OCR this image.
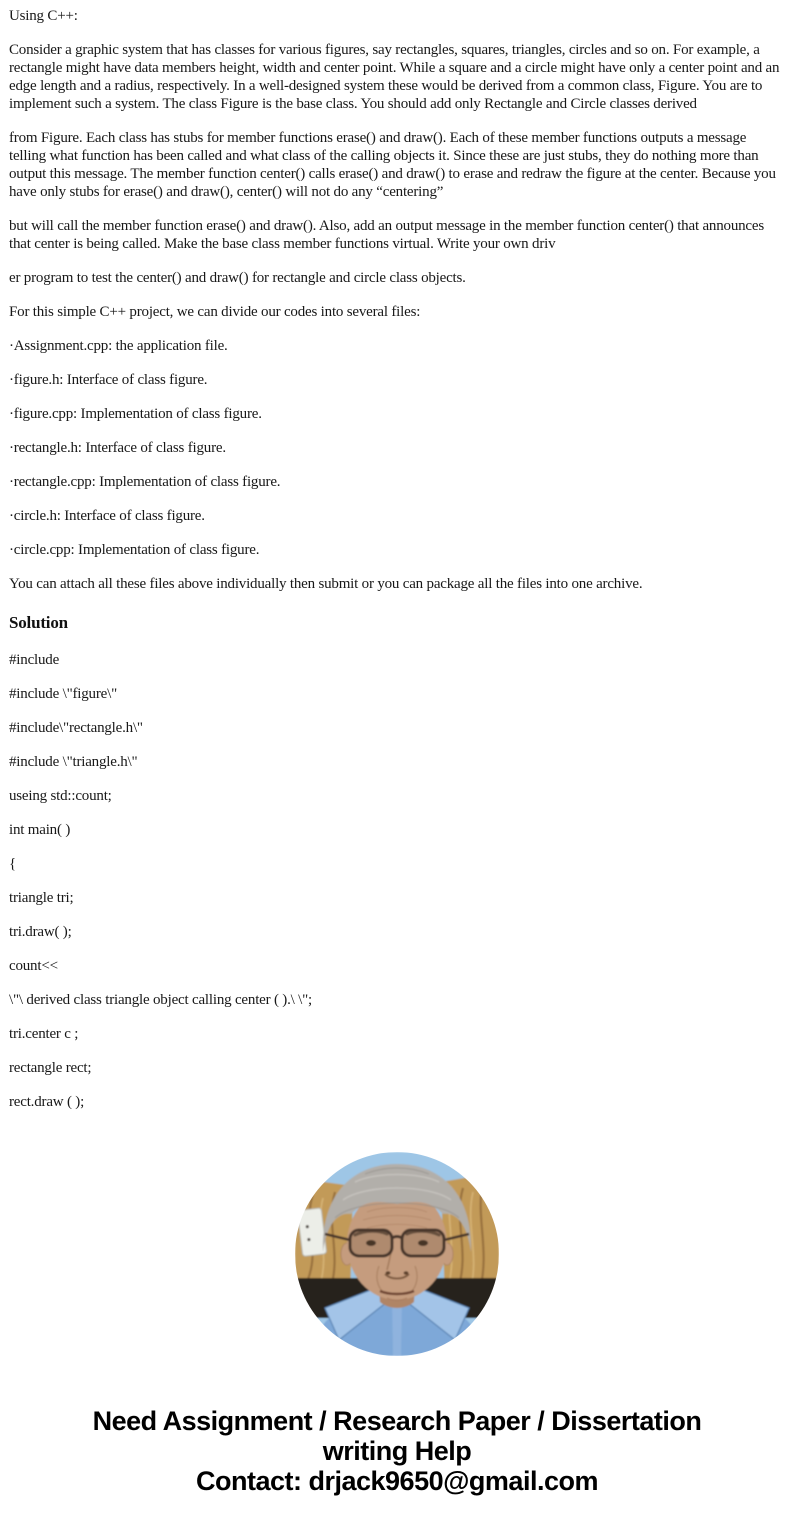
Using C++:

Consider a graphic system that has classes for various figures, say rectangles, squares, triangles, circles and so on. For example, a rectangle might have data members height, width and center point. While a square and a circle might have only a center point and an edge length and a radius, respectively. In a well-designed system these would be derived from a common class, Figure. You are to implement such a system. The class Figure is the base class. You should add only Rectangle and Circle classes derived

from Figure. Each class has stubs for member functions erase() and draw(). Each of these member functions outputs a message telling what function has been called and what class of the calling objects it. Since these are just stubs, they do nothing more than output this message. The member function center() calls erase() and draw() to erase and redraw the figure at the center. Because you have only stubs for erase() and draw(), center() will not do any “centering”

but will call the member function erase() and draw(). Also, add an output message in the member function center() that announces that center is being called. Make the base class member functions virtual. Write your own driv

er program to test the center() and draw() for rectangle and circle class objects.

For this simple C++ project, we can divide our codes into several files:

·Assignment.cpp: the application file.

·figure.h: Interface of class figure.

·figure.cpp: Implementation of class figure.

·rectangle.h: Interface of class figure.

·rectangle.cpp: Implementation of class figure.

·circle.h: Interface of class figure.

·circle.cpp: Implementation of class figure.

You can attach all these files above individually then submit or you can package all the files into one archive.

Solution

#include

#include \"figure\"

#include\"rectangle.h\"

#include \"triangle.h\"

useing std::count;

int main( )

{

triangle tri;

tri.draw( );

count<<

\"\ derived class triangle object calling center ( ).\ \";

tri.center c ;

rectangle rect;

rect.draw ( );

Need Assignment / Research Paper / Dissertation
writing Help
Contact: drjack9650@gmail.com
